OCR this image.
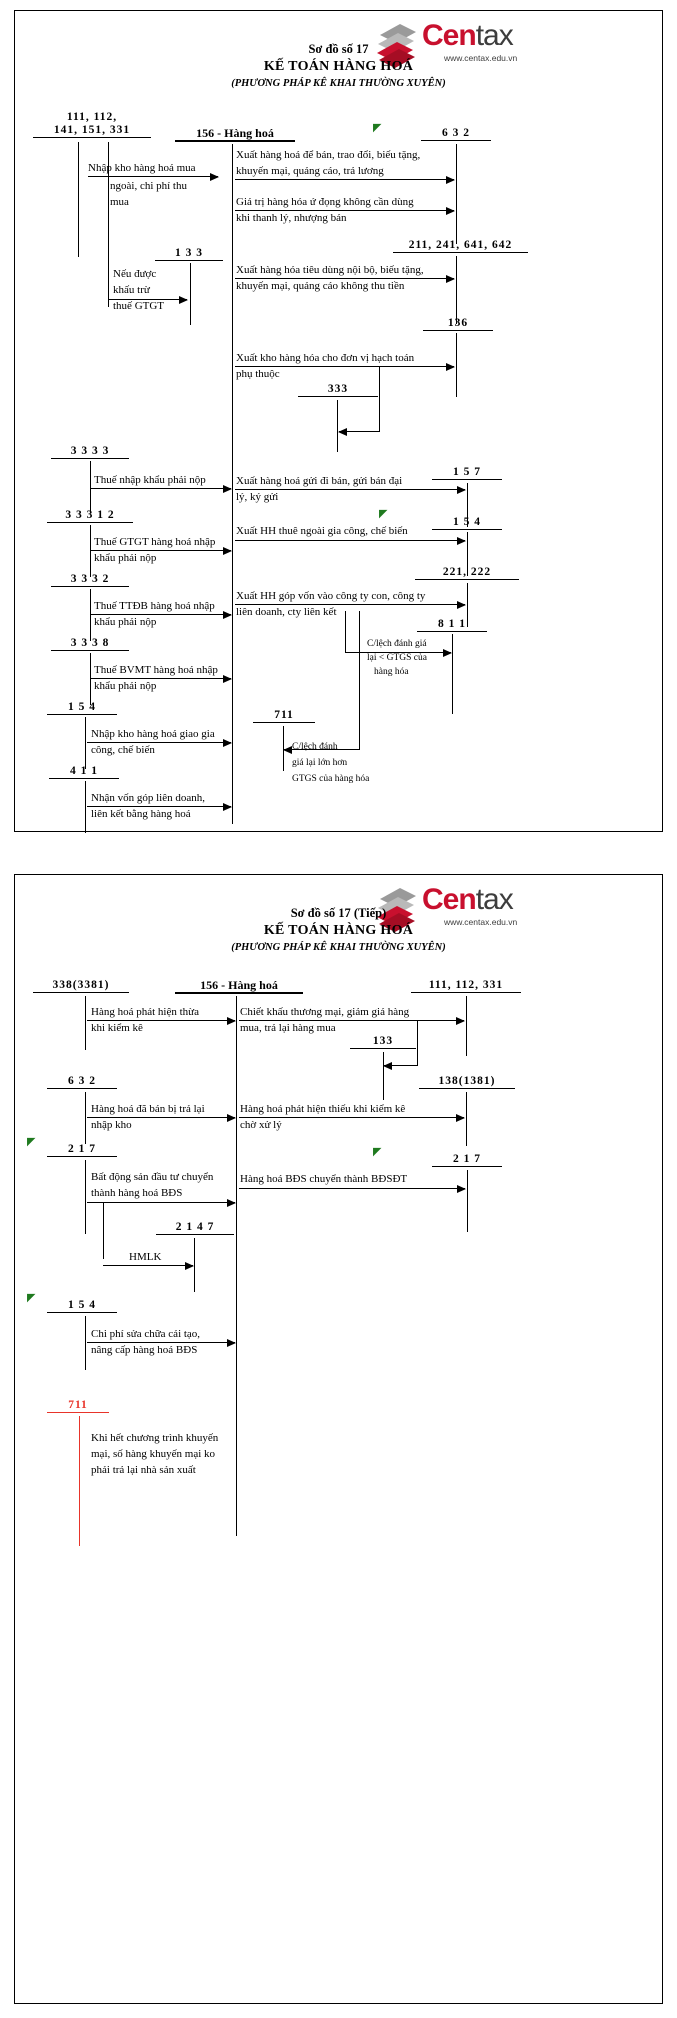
Centax
www.centax.edu.vn
Sơ đồ số 17
KẾ TOÁN HÀNG HOÁ
(PHƯƠNG PHÁP KÊ KHAI THƯỜNG XUYÊN)
111, 112,
141, 151, 331
Nhập kho hàng hoá mua
ngoài, chi phí thu
mua
1 3 3
Nếu được
khấu trừ
thuế GTGT
3 3 3 3
Thuế nhập khẩu phải nộp
3 3 3 1 2
Thuế GTGT hàng hoá nhập
khẩu phải nộp
3 3 3 2
Thuế TTĐB hàng hoá nhập
khẩu phải nộp
3 3 3 8
Thuế BVMT hàng hoá nhập
khẩu phải nộp
1 5 4
Nhập kho hàng hoá giao gia
công, chế biến
4 1 1
Nhận vốn góp liên doanh,
liên kết bằng hàng hoá
156 - Hàng hoá	◤	6 3 2
Xuất hàng hoá để bán, trao đổi, biếu tặng,
khuyến mại, quảng cáo, trả lương
Giá trị hàng hóa ứ đọng không cần dùng
khi thanh lý, nhượng bán
211, 241, 641, 642
Xuất hàng hóa tiêu dùng nội bộ, biếu tặng,
khuyến mại, quảng cáo không thu tiền
136
Xuất kho hàng hóa cho đơn vị hạch toán
phụ thuộc
333
1 5 7
Xuất hàng hoá gửi đi bán, gửi bán đại
lý, ký gửi
◤
1 5 4
Xuất HH thuê ngoài gia công, chế biến
221, 222
Xuất HH góp vốn vào công ty con, công ty
liên doanh, cty liên kết
8 1 1
C/lệch đánh giá
lại < GTGS của
hàng hóa
711
C/lệch đánh
giá lại lớn hơn
GTGS của hàng hóa
Centax
www.centax.edu.vn
Sơ đồ số 17 (Tiếp)
KẾ TOÁN HÀNG HOÁ
(PHƯƠNG PHÁP KÊ KHAI THƯỜNG XUYÊN)
156 - Hàng hoá
338(3381)
Hàng hoá phát hiện thừa
khi kiểm kê
6 3 2
Hàng hoá đã bán bị trả lại
nhập kho
◤
2 1 7
Bất động sản đầu tư chuyển
thành hàng hoá BĐS
2 1 4 7
HMLK
◤
1 5 4
Chi phí sửa chữa cải tạo,
nâng cấp hàng hoá BĐS
711
Khi hết chương trình khuyến
mại, số hàng khuyến mại ko
phải trả lại nhà sản xuất
111, 112, 331
Chiết khấu thương mại, giảm giá hàng
mua, trả lại hàng mua
133
138(1381)
Hàng hoá phát hiện thiếu khi kiểm kê
chờ xử lý
◤
2 1 7
Hàng hoá BĐS chuyển thành BĐSĐT
